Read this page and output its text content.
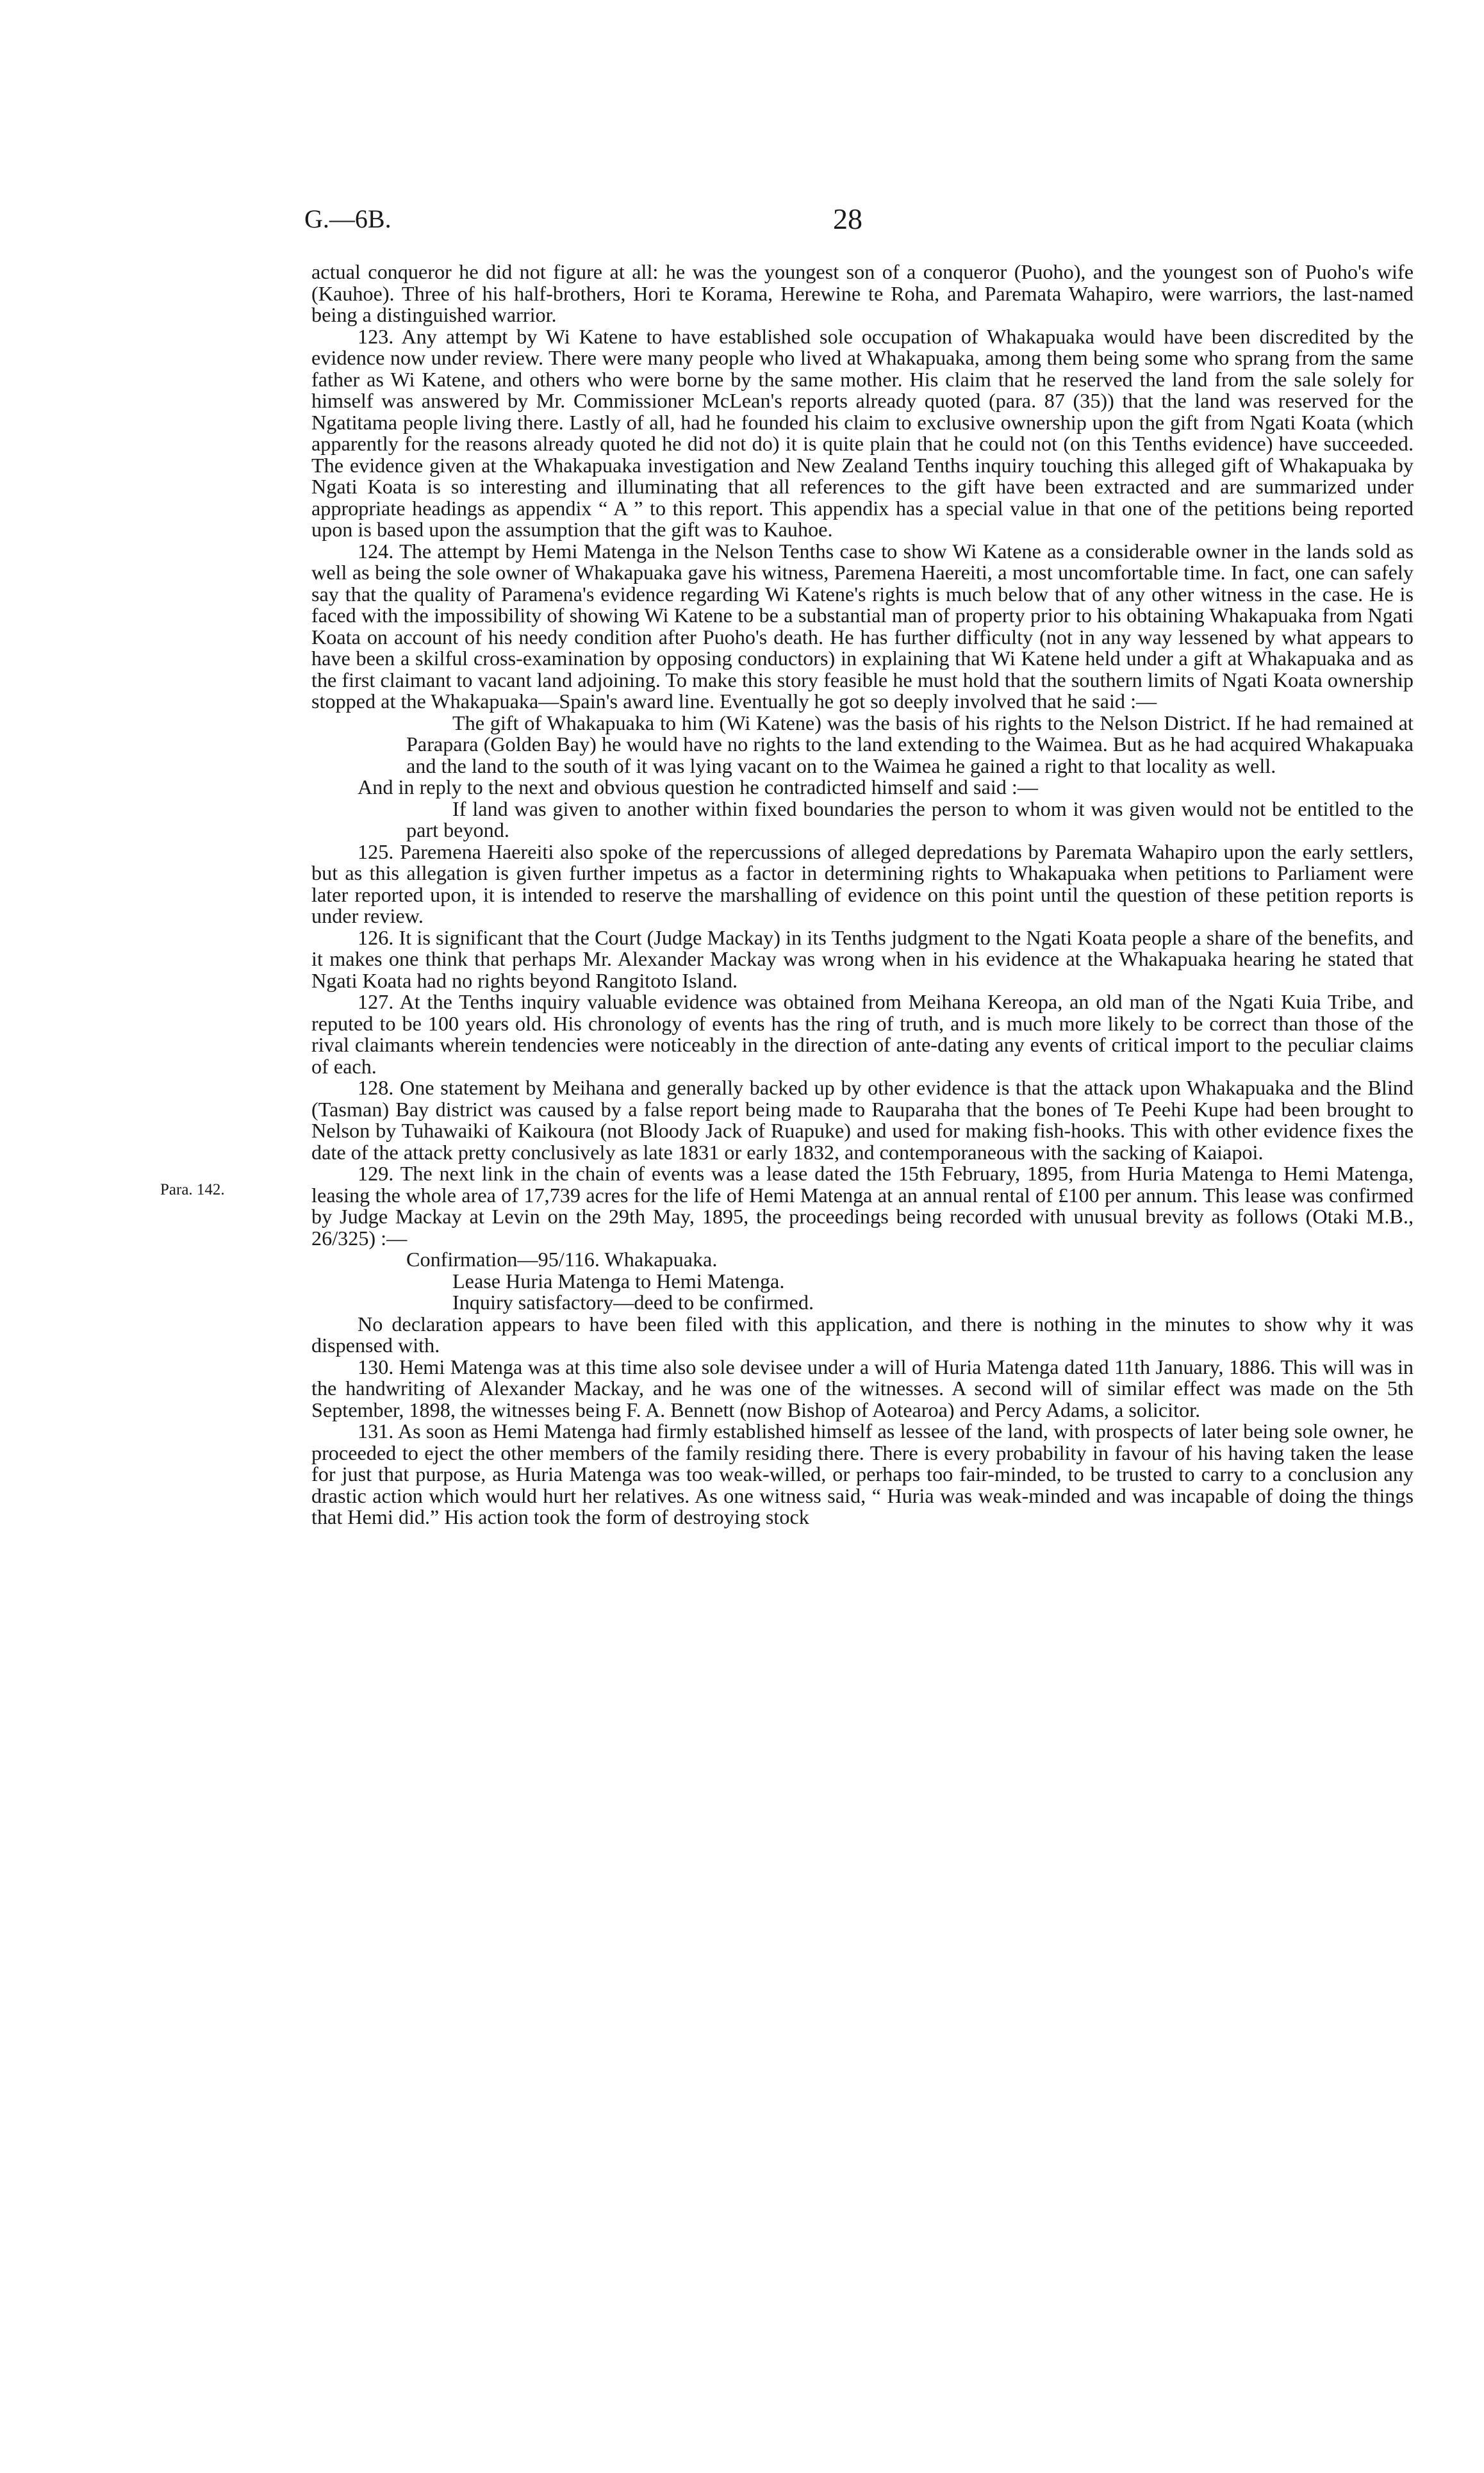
G.—6B.	28
Para. 142.

actual conqueror he did not figure at all: he was the youngest son of a conqueror (Puoho), and the youngest son of Puoho's wife (Kauhoe). Three of his half-brothers, Hori te Korama, Herewine te Roha, and Paremata Wahapiro, were warriors, the last-named being a distinguished warrior.

123. Any attempt by Wi Katene to have established sole occupation of Whakapuaka would have been discredited by the evidence now under review. There were many people who lived at Whakapuaka, among them being some who sprang from the same father as Wi Katene, and others who were borne by the same mother. His claim that he reserved the land from the sale solely for himself was answered by Mr. Commissioner McLean's reports already quoted (para. 87 (35)) that the land was reserved for the Ngatitama people living there. Lastly of all, had he founded his claim to exclusive ownership upon the gift from Ngati Koata (which apparently for the reasons already quoted he did not do) it is quite plain that he could not (on this Tenths evidence) have succeeded. The evidence given at the Whakapuaka investigation and New Zealand Tenths inquiry touching this alleged gift of Whakapuaka by Ngati Koata is so interesting and illuminating that all references to the gift have been extracted and are summarized under appropriate headings as appendix “ A ” to this report. This appendix has a special value in that one of the petitions being reported upon is based upon the assumption that the gift was to Kauhoe.

124. The attempt by Hemi Matenga in the Nelson Tenths case to show Wi Katene as a considerable owner in the lands sold as well as being the sole owner of Whakapuaka gave his witness, Paremena Haereiti, a most uncomfortable time. In fact, one can safely say that the quality of Paramena's evidence regarding Wi Katene's rights is much below that of any other witness in the case. He is faced with the impossibility of showing Wi Katene to be a substantial man of property prior to his obtaining Whakapuaka from Ngati Koata on account of his needy condition after Puoho's death. He has further difficulty (not in any way lessened by what appears to have been a skilful cross-examination by opposing conductors) in explaining that Wi Katene held under a gift at Whakapuaka and as the first claimant to vacant land adjoining. To make this story feasible he must hold that the southern limits of Ngati Koata ownership stopped at the Whakapuaka—Spain's award line. Eventually he got so deeply involved that he said :—

The gift of Whakapuaka to him (Wi Katene) was the basis of his rights to the Nelson District. If he had remained at Parapara (Golden Bay) he would have no rights to the land extending to the Waimea. But as he had acquired Whakapuaka and the land to the south of it was lying vacant on to the Waimea he gained a right to that locality as well.

And in reply to the next and obvious question he contradicted himself and said :—

If land was given to another within fixed boundaries the person to whom it was given would not be entitled to the part beyond.

125. Paremena Haereiti also spoke of the repercussions of alleged depredations by Paremata Wahapiro upon the early settlers, but as this allegation is given further impetus as a factor in determining rights to Whakapuaka when petitions to Parliament were later reported upon, it is intended to reserve the marshalling of evidence on this point until the question of these petition reports is under review.

126. It is significant that the Court (Judge Mackay) in its Tenths judgment to the Ngati Koata people a share of the benefits, and it makes one think that perhaps Mr. Alexander Mackay was wrong when in his evidence at the Whakapuaka hearing he stated that Ngati Koata had no rights beyond Rangitoto Island.

127. At the Tenths inquiry valuable evidence was obtained from Meihana Kereopa, an old man of the Ngati Kuia Tribe, and reputed to be 100 years old. His chronology of events has the ring of truth, and is much more likely to be correct than those of the rival claimants wherein tendencies were noticeably in the direction of ante-dating any events of critical import to the peculiar claims of each.

128. One statement by Meihana and generally backed up by other evidence is that the attack upon Whakapuaka and the Blind (Tasman) Bay district was caused by a false report being made to Rauparaha that the bones of Te Peehi Kupe had been brought to Nelson by Tuhawaiki of Kaikoura (not Bloody Jack of Ruapuke) and used for making fish-hooks. This with other evidence fixes the date of the attack pretty conclusively as late 1831 or early 1832, and contemporaneous with the sacking of Kaiapoi.

129. The next link in the chain of events was a lease dated the 15th February, 1895, from Huria Matenga to Hemi Matenga, leasing the whole area of 17,739 acres for the life of Hemi Matenga at an annual rental of £100 per annum. This lease was confirmed by Judge Mackay at Levin on the 29th May, 1895, the proceedings being recorded with unusual brevity as follows (Otaki M.B., 26/325) :—

Confirmation—95/116. Whakapuaka.

Lease Huria Matenga to Hemi Matenga.

Inquiry satisfactory—deed to be confirmed.

No declaration appears to have been filed with this application, and there is nothing in the minutes to show why it was dispensed with.

130. Hemi Matenga was at this time also sole devisee under a will of Huria Matenga dated 11th January, 1886. This will was in the handwriting of Alexander Mackay, and he was one of the witnesses. A second will of similar effect was made on the 5th September, 1898, the witnesses being F. A. Bennett (now Bishop of Aotearoa) and Percy Adams, a solicitor.

131. As soon as Hemi Matenga had firmly established himself as lessee of the land, with prospects of later being sole owner, he proceeded to eject the other members of the family residing there. There is every probability in favour of his having taken the lease for just that purpose, as Huria Matenga was too weak-willed, or perhaps too fair-minded, to be trusted to carry to a conclusion any drastic action which would hurt her relatives. As one witness said, “ Huria was weak-minded and was incapable of doing the things that Hemi did.” His action took the form of destroying stock
